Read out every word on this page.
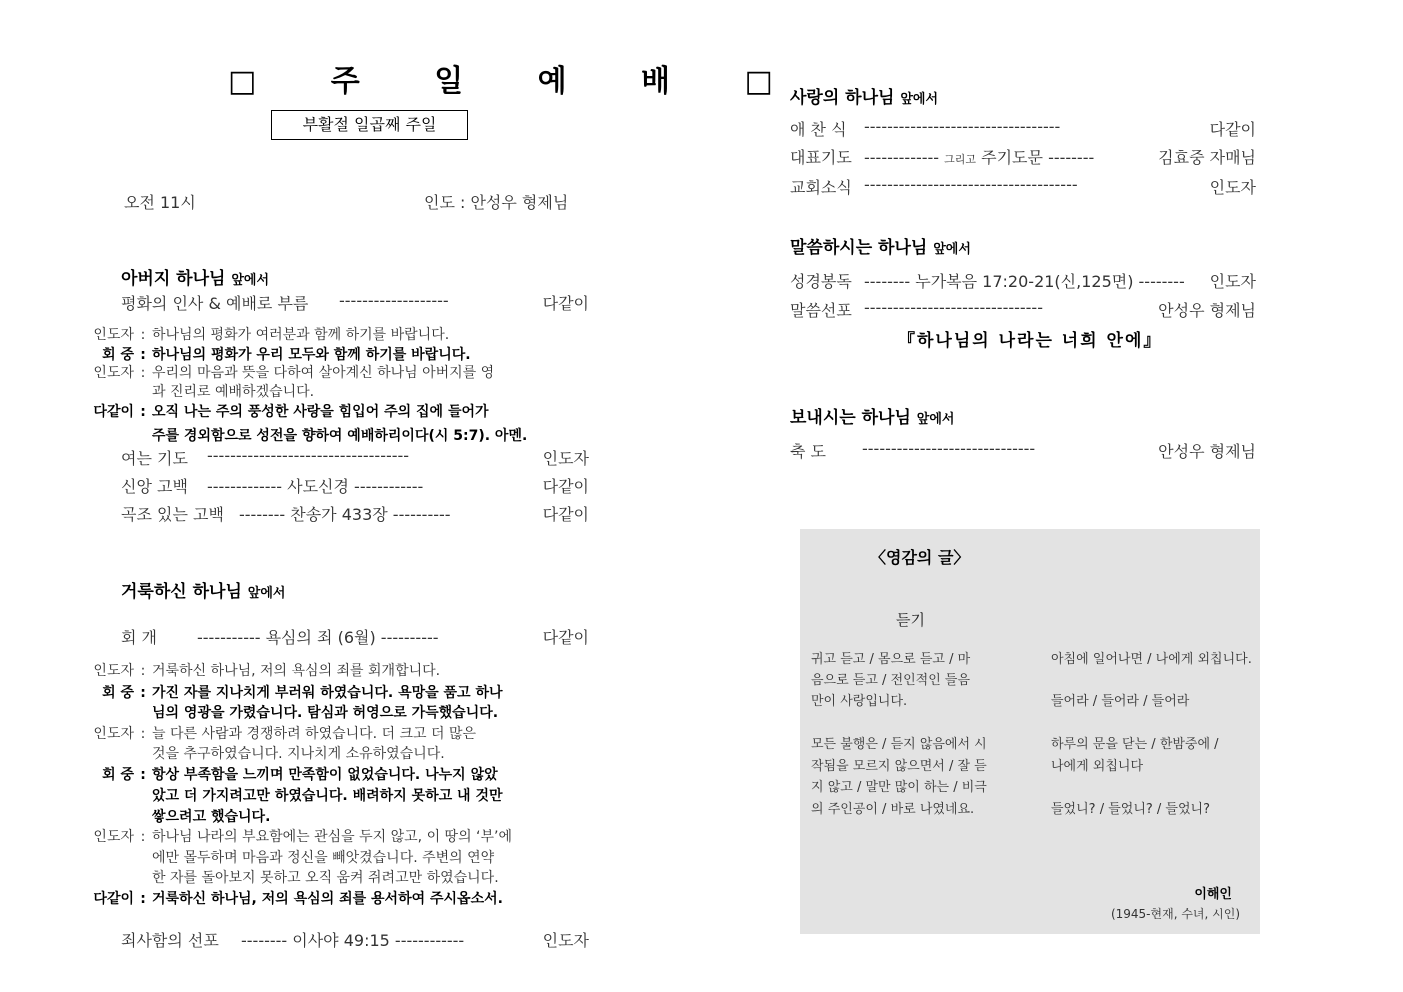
□ 주 일 예 배 □
부활절 일곱째 주일
오전 11시	인도 : 안성우 형제님
아버지 하나님 앞에서
평화의 인사 & 예배로 부름 -------------------	다같이
인도자 : 하나님의 평화가 여러분과 함께 하기를 바랍니다.
회 중 : 하나님의 평화가 우리 모두와 함께 하기를 바랍니다.
인도자 : 우리의 마음과 뜻을 다하여 살아계신 하나님 아버지를 영
과 진리로 예배하겠습니다.
다같이 : 오직 나는 주의 풍성한 사랑을 힘입어 주의 집에 들어가
주를 경외함으로 성전을 향하여 예배하리이다(시 5:7). 아멘.
여는 기도 -----------------------------------	인도자
신앙 고백 ------------- 사도신경 ------------	다같이
곡조 있는 고백 -------- 찬송가 433장 ----------	다같이
거룩하신 하나님 앞에서
회 개	----------- 욕심의 죄 (6월) ----------	다같이
인도자 : 거룩하신 하나님, 저의 욕심의 죄를 회개합니다.
회 중 : 가진 자를 지나치게 부러워 하였습니다. 욕망을 품고 하나
님의 영광을 가렸습니다. 탐심과 허영으로 가득했습니다.
인도자 : 늘 다른 사람과 경쟁하려 하였습니다. 더 크고 더 많은
것을 추구하였습니다. 지나치게 소유하였습니다.
회 중 : 항상 부족함을 느끼며 만족함이 없었습니다. 나누지 않았
았고 더 가지려고만 하였습니다. 배려하지 못하고 내 것만
쌓으려고 했습니다.
인도자 : 하나님 나라의 부요함에는 관심을 두지 않고, 이 땅의 ‘부’에
에만 몰두하며 마음과 정신을 빼앗겼습니다. 주변의 연약
한 자를 돌아보지 못하고 오직 움켜 쥐려고만 하였습니다.
다같이 : 거룩하신 하나님, 저의 욕심의 죄를 용서하여 주시옵소서.
죄사함의 선포 -------- 이사야 49:15 ------------	인도자
사랑의 하나님 앞에서
애 찬 식 ----------------------------------	다같이
대표기도 ------------- 그리고 주기도문 --------	김효중 자매님
교회소식 -------------------------------------	인도자
말씀하시는 하나님 앞에서
성경봉독 -------- 누가복음 17:20-21(신,125면) -------- 인도자
말씀선포 -------------------------------	안성우 형제님
『하나님의 나라는 너희 안에』
보내시는 하나님 앞에서
축 도 ------------------------------	안성우 형제님
〈영감의 글〉
듣기
귀고 듣고 / 몸으로 듣고 / 마
음으로 듣고 / 전인적인 들음
만이 사랑입니다.
모든 불행은 / 듣지 않음에서 시
작됨을 모르지 않으면서 / 잘 듣
지 않고 / 말만 많이 하는 / 비극
의 주인공이 / 바로 나였네요.
아침에 일어나면 / 나에게 외칩니다.
들어라 / 들어라 / 들어라
하루의 문을 닫는 / 한밤중에 /
나에게 외칩니다
들었니? / 들었니? / 들었니?
이해인
(1945-현재, 수녀, 시인)
